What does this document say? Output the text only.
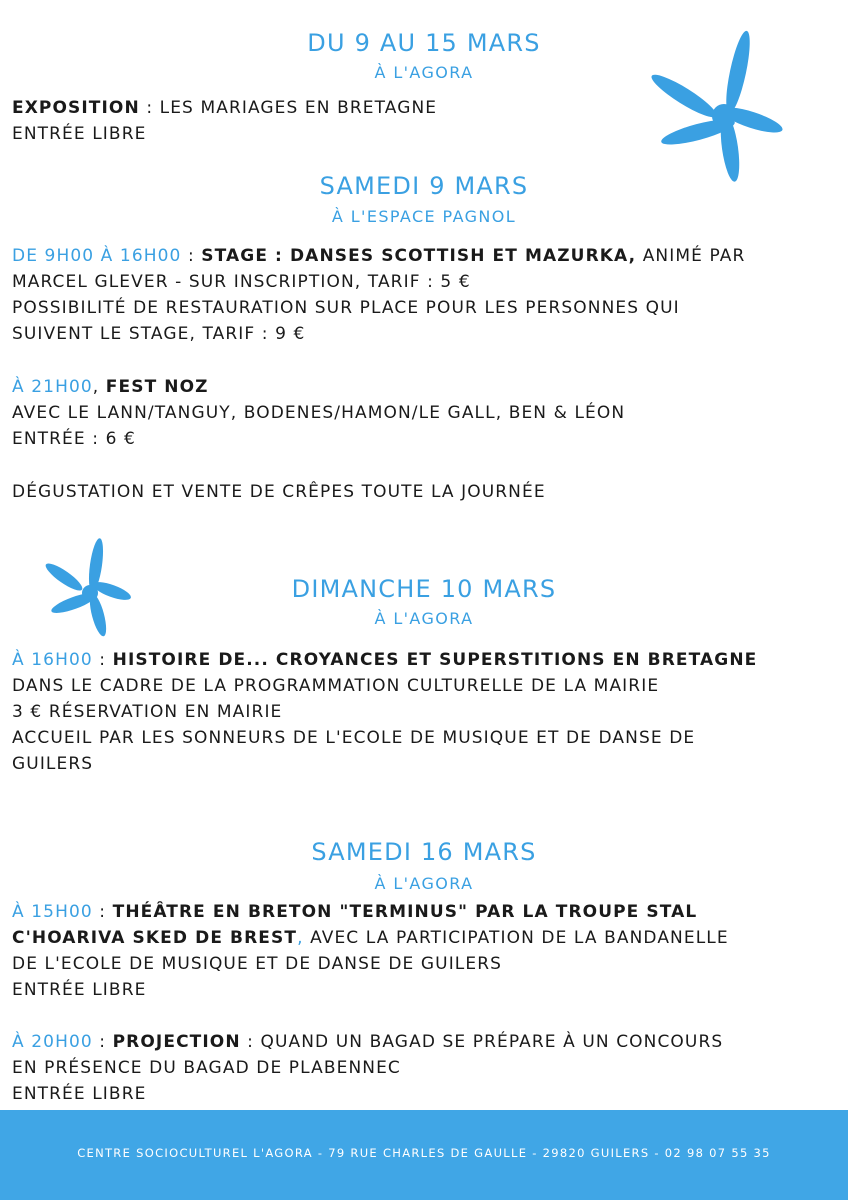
DU 9 AU 15 MARS
À L'AGORA
EXPOSITION : LES MARIAGES EN BRETAGNE
ENTRÉE LIBRE
SAMEDI 9 MARS
À L'ESPACE PAGNOL
DE 9H00 À 16H00 : STAGE : DANSES SCOTTISH ET MAZURKA, ANIMÉ PAR
MARCEL GLEVER - SUR INSCRIPTION, TARIF : 5 €
POSSIBILITÉ DE RESTAURATION SUR PLACE POUR LES PERSONNES QUI
SUIVENT LE STAGE, TARIF : 9 €
À 21H00, FEST NOZ
AVEC LE LANN/TANGUY, BODENES/HAMON/LE GALL, BEN & LÉON
ENTRÉE : 6 €
DÉGUSTATION ET VENTE DE CRÊPES TOUTE LA JOURNÉE
DIMANCHE 10 MARS
À L'AGORA
À 16H00 : HISTOIRE DE... CROYANCES ET SUPERSTITIONS EN BRETAGNE
DANS LE CADRE DE LA PROGRAMMATION CULTURELLE DE LA MAIRIE
3 € RÉSERVATION EN MAIRIE
ACCUEIL PAR LES SONNEURS DE L'ECOLE DE MUSIQUE ET DE DANSE DE
GUILERS
SAMEDI 16 MARS
À L'AGORA
À 15H00 : THÉÂTRE EN BRETON "TERMINUS" PAR LA TROUPE STAL
C'HOARIVA SKED DE BREST, AVEC LA PARTICIPATION DE LA BANDANELLE
DE L'ECOLE DE MUSIQUE ET DE DANSE DE GUILERS
ENTRÉE LIBRE
À 20H00 : PROJECTION : QUAND UN BAGAD SE PRÉPARE À UN CONCOURS
EN PRÉSENCE DU BAGAD DE PLABENNEC
ENTRÉE LIBRE
CENTRE SOCIOCULTUREL L'AGORA - 79 RUE CHARLES DE GAULLE - 29820 GUILERS - 02 98 07 55 35
